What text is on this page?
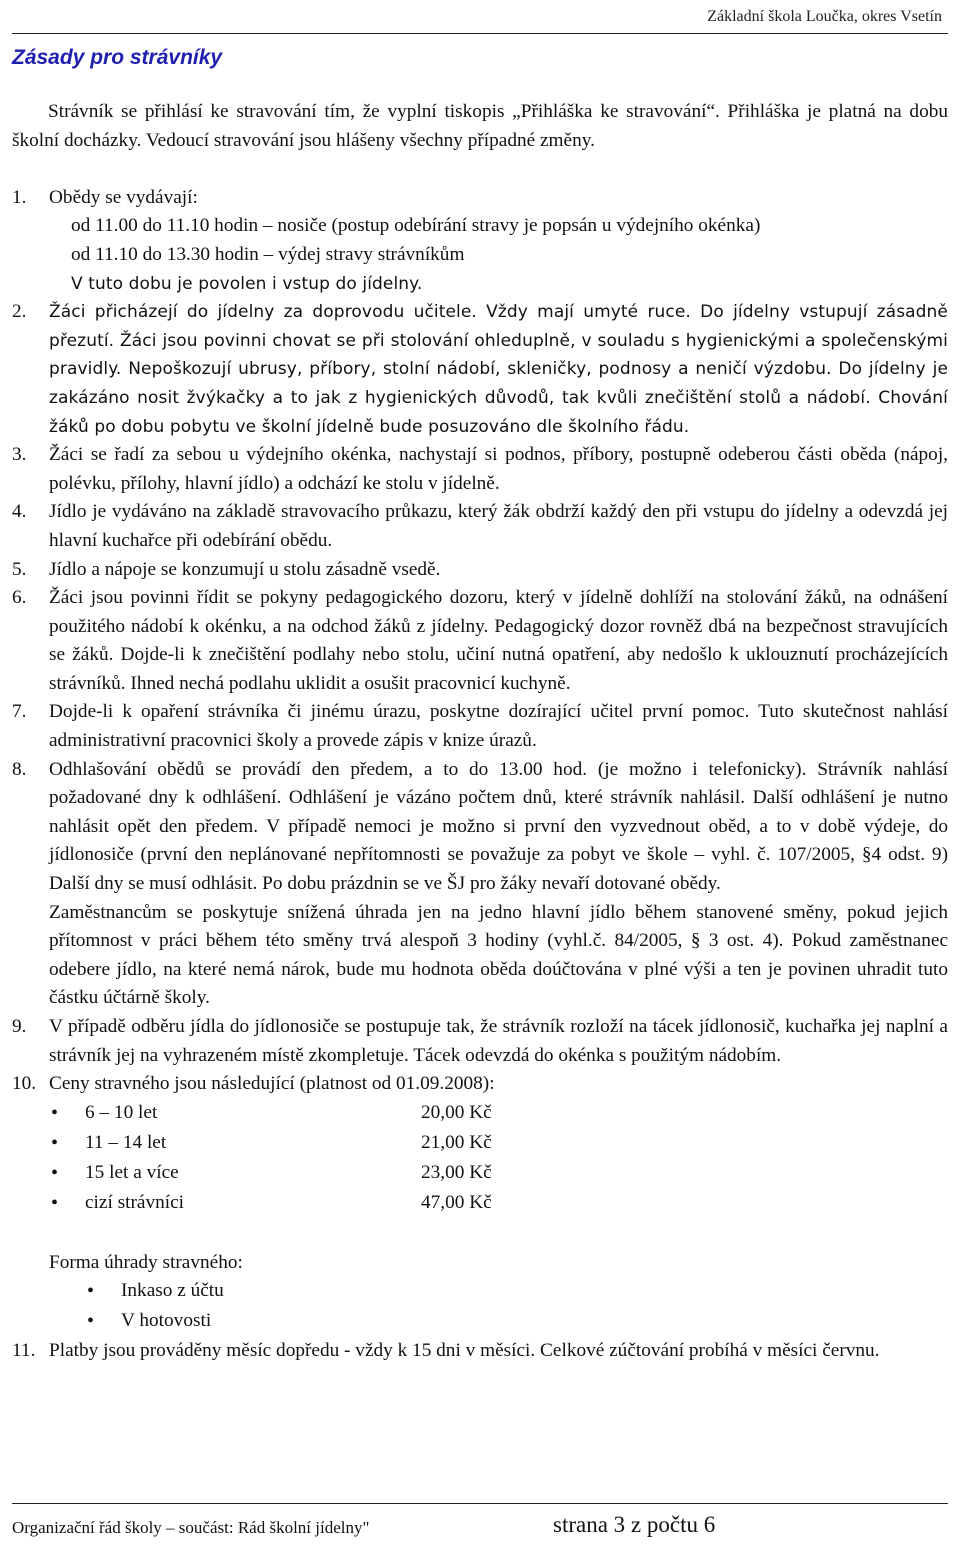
Základní škola Loučka, okres Vsetín
Zásady pro strávníky

Strávník se přihlásí ke stravování tím, že vyplní tiskopis „Přihláška ke stravování“. Přihláška je platná na dobu školní docházky. Vedoucí stravování jsou hlášeny všechny případné změny.

1. Obědy se vydávají:

od 11.00 do 11.10 hodin – nosiče (postup odebírání stravy je popsán u výdejního okénka)

od 11.10 do 13.30 hodin – výdej stravy strávníkům

V tuto dobu je povolen i vstup do jídelny.

2. Žáci přicházejí do jídelny za doprovodu učitele. Vždy mají umyté ruce. Do jídelny vstupují zásadně přezutí. Žáci jsou povinni chovat se při stolování ohleduplně, v souladu s hygienickými a společenskými pravidly. Nepoškozují ubrusy, příbory, stolní nádobí, skleničky, podnosy a neničí výzdobu. Do jídelny je zakázáno nosit žvýkačky a to jak z hygienických důvodů, tak kvůli znečištění stolů a nádobí. Chování žáků po dobu pobytu ve školní jídelně bude posuzováno dle školního řádu.

3. Žáci se řadí za sebou u výdejního okénka, nachystají si podnos, příbory, postupně odeberou části oběda (nápoj, polévku, přílohy, hlavní jídlo) a odchází ke stolu v jídelně.

4. Jídlo je vydáváno na základě stravovacího průkazu, který žák obdrží každý den při vstupu do jídelny a odevzdá jej hlavní kuchařce při odebírání obědu.

5. Jídlo a nápoje se konzumují u stolu zásadně vsedě.

6. Žáci jsou povinni řídit se pokyny pedagogického dozoru, který v jídelně dohlíží na stolování žáků, na odnášení použitého nádobí k okénku, a na odchod žáků z jídelny. Pedagogický dozor rovněž dbá na bezpečnost stravujících se žáků. Dojde-li k znečištění podlahy nebo stolu, učiní nutná opatření, aby nedošlo k uklouznutí procházejících strávníků. Ihned nechá podlahu uklidit a osušit pracovnicí kuchyně.

7. Dojde-li k opaření strávníka či jinému úrazu, poskytne dozírající učitel první pomoc. Tuto skutečnost nahlásí administrativní pracovnici školy a provede zápis v knize úrazů.

8. Odhlašování obědů se provádí den předem, a to do 13.00 hod. (je možno i telefonicky). Strávník nahlásí požadované dny k odhlášení. Odhlášení je vázáno počtem dnů, které strávník nahlásil. Další odhlášení je nutno nahlásit opět den předem. V případě nemoci je možno si první den vyzvednout oběd, a to v době výdeje, do jídlonosiče (první den neplánované nepřítomnosti se považuje za pobyt ve škole – vyhl. č. 107/2005, §4 odst. 9) Další dny se musí odhlásit. Po dobu prázdnin se ve ŠJ pro žáky nevaří dotované obědy.

Zaměstnancům se poskytuje snížená úhrada jen na jedno hlavní jídlo během stanovené směny, pokud jejich přítomnost v práci během této směny trvá alespoň 3 hodiny (vyhl.č. 84/2005, § 3 ost. 4). Pokud zaměstnanec odebere jídlo, na které nemá nárok, bude mu hodnota oběda doúčtována v plné výši a ten je povinen uhradit tuto částku účtárně školy.

9. V případě odběru jídla do jídlonosiče se postupuje tak, že strávník rozloží na tácek jídlonosič, kuchařka jej naplní a strávník jej na vyhrazeném místě zkompletuje. Tácek odevzdá do okénka s použitým nádobím.

10. Ceny stravného jsou následující (platnost od 01.09.2008):

• 6 – 10 let	20,00 Kč
• 11 – 14 let	21,00 Kč
• 15 let a více	23,00 Kč
• cizí strávníci	47,00 Kč

Forma úhrady stravného:

• Inkaso z účtu
• V hotovosti

11. Platby jsou prováděny měsíc dopředu - vždy k 15 dni v měsíci. Celkové zúčtování probíhá v měsíci červnu.

Organizační řád školy – součást: Rád školní jídelny"	strana 3 z počtu 6
